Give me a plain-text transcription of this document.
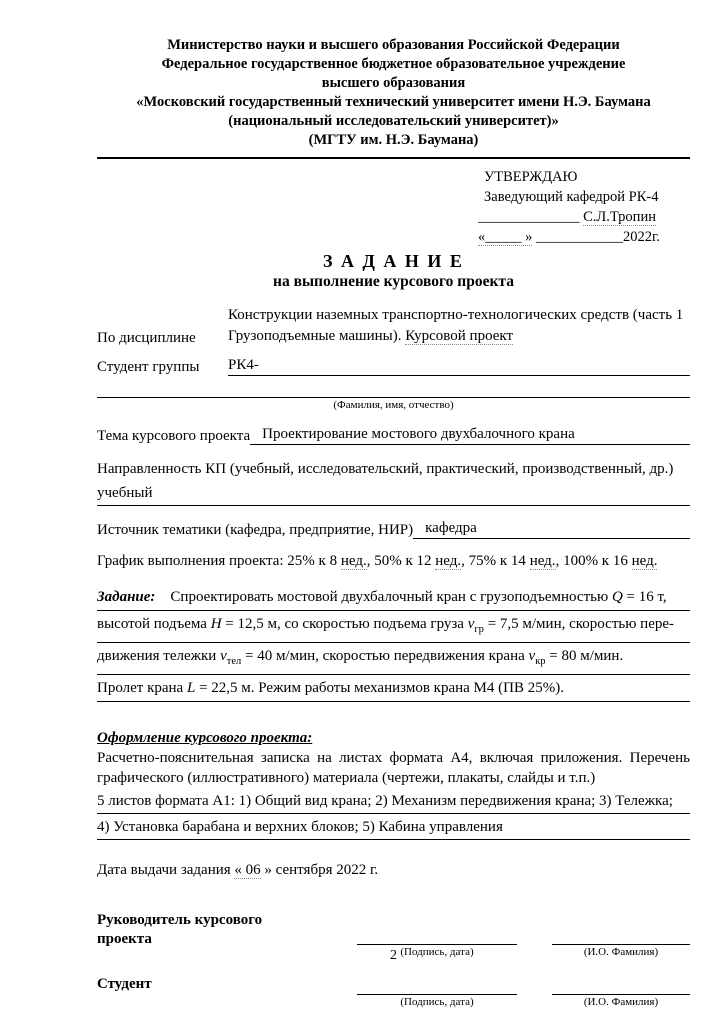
Министерство науки и высшего образования Российской Федерации
Федеральное государственное бюджетное образовательное учреждение
высшего образования
«Московский государственный технический университет имени Н.Э. Баумана
(национальный исследовательский университет)»
(МГТУ им. Н.Э. Баумана)
УТВЕРЖДАЮ
Заведующий кафедрой РК-4
______________ С.Л.Тропин
«_____ » ____________2022г.
З А Д А Н И Е
на выполнение курсового проекта
По дисциплине
Конструкции наземных транспортно-технологических средств (часть 1
Грузоподъемные машины). Курсовой проект
Студент группы	РК4-
(Фамилия, имя, отчество)
Тема курсового проекта Проектирование мостового двухбалочного крана
Направленность КП (учебный, исследовательский, практический, производственный, др.)
учебный
Источник тематики (кафедра, предприятие, НИР) кафедра
График выполнения проекта: 25% к 8 нед., 50% к 12 нед., 75% к 14 нед., 100% к 16 нед.
Задание:    Спроектировать мостовой двухбалочный кран с грузоподъемностью Q = 16 т,
высотой подъема Н = 12,5 м, со скоростью подъема груза $v_{гр} = 7,5$ м/мин, скоростью пере-
движения тележки $v_{тел} = 40$ м/мин, скоростью передвижения крана $v_{кр} = 80$ м/мин.
Пролет крана L = 22,5 м. Режим работы механизмов крана М4 (ПВ 25%).
Оформление курсового проекта:
Расчетно-пояснительная записка на листах формата А4, включая приложения. Перечень графического (иллюстративного) материала (чертежи, плакаты, слайды и т.п.)
5 листов формата А1: 1) Общий вид крана; 2) Механизм передвижения крана; 3) Тележка;
4) Установка барабана и верхних блоков; 5) Кабина управления
Дата выдачи задания « 06 » сентября 2022 г.
Руководитель курсового проекта
(Подпись, дата)	(И.О. Фамилия)
Студент
(Подпись, дата)	(И.О. Фамилия)
2
